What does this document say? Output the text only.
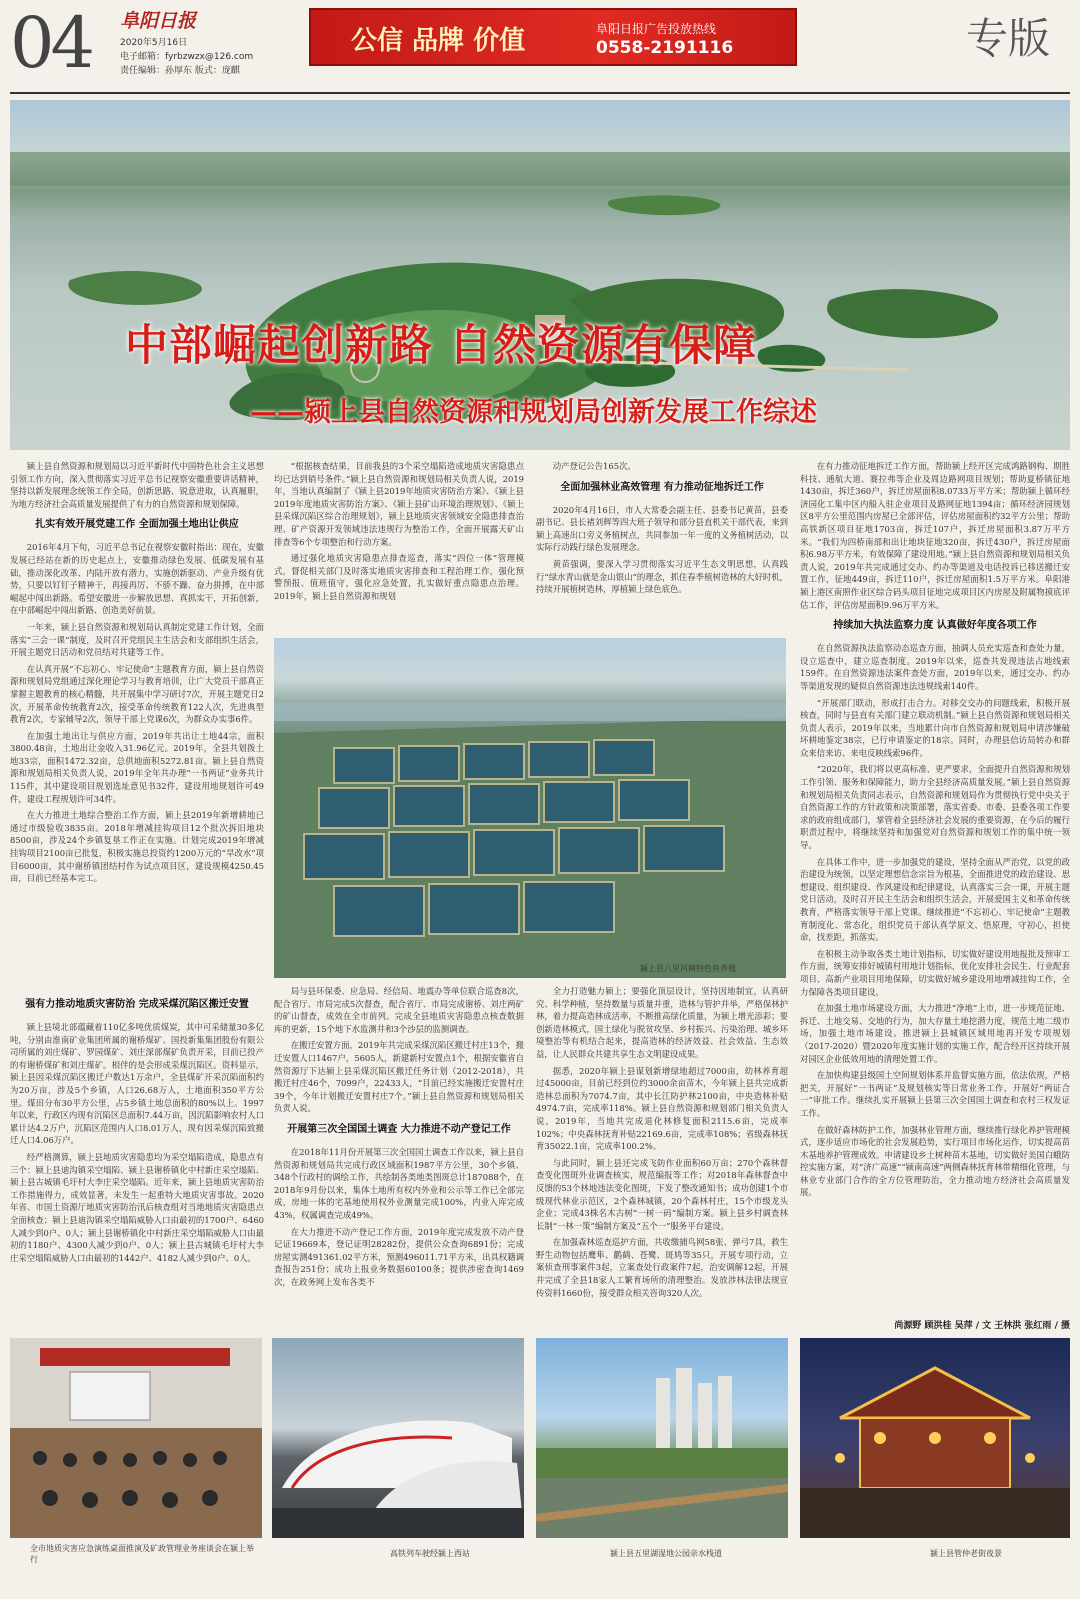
04 阜阳日报
2020年5月16日
电子邮箱：fyrbzwzx@126.com
责任编辑：孙厚东 版式：庞麒
公信 品牌 价值	阜阳日报广告投放热线
0558-2191116	专版
中部崛起创新路 自然资源有保障
——颍上县自然资源和规划局创新发展工作综述

颍上县自然资源和规划局以习近平新时代中国特色社会主义思想引领工作方向，深入贯彻落实习近平总书记视察安徽重要讲话精神，坚持以新发展理念统领工作全局，创新思路、锐意进取，认真履职，为地方经济社会高质量发展提供了有力的自然资源和规划保障。

扎实有效开展党建工作 全面加强土地出让供应

2016年4月下旬，习近平总书记在视察安徽时指出：现在，安徽发展已经站在新的历史起点上，安徽推动绿色发展、低碳发展有基础，推动深化改革、内陆开放有潜力，实施创新驱动、产业升级有优势，只要以钉钉子精神干，再接再厉、不骄不躁、奋力拼搏，在中部崛起中闯出新路。希望安徽进一步解放思想、真抓实干，开拓创新，在中部崛起中闯出新路、创造美好前景。

一年来，颍上县自然资源和规划局认真制定党建工作计划，全面落实“三会一课”制度，及时召开党组民主生活会和支部组织生活会，开展主题党日活动和党员结对共建等工作。

在认真开展“不忘初心、牢记使命”主题教育方面，颍上县自然资源和规划局党组通过深化理论学习与教育培训，让广大党员干部真正掌握主题教育的核心精髓，共开展集中学习研讨7次，开展主题党日2次，开展革命传统教育2次，接受革命传统教育122人次，先进典型教育2次，专家辅导2次，领导干部上党课6次，为群众办实事6件。

在加强土地出让与供应方面，2019年共出让土地44宗，面积3800.48亩，土地出让金收入31.96亿元。2019年，全县共划拨土地33宗，面积1472.32亩，总供地面积5272.81亩。颍上县自然资源和规划局相关负责人说，2019年全年共办理“一书两证”业务共计115件，其中建设项目规划选址意见书32件，建设用地规划许可49件，建设工程规划许可34件。

在大力推进土地综合整治工作方面，颍上县2019年新增耕地已通过市级验收3835亩。2018年增减挂钩项目12个批次拆旧地块8500亩，涉及24个乡镇复垦工作正在实施。计划完成2019年增减挂钩项目2100亩已批复，积极实施总投资约1200万元的“旱改水”项目6000亩，其中谢桥镇团结村作为试点项目区，建设规模4250.45亩，目前已经基本完工。

强有力推动地质灾害防治 完成采煤沉陷区搬迁安置

颍上县境北部蕴藏着110亿多吨优质煤炭，其中可采储量30多亿吨，分别由淮南矿业集团所属的谢桥煤矿、国投新集集团股份有限公司所属的刘庄煤矿、罗园煤矿、刘庄深部煤矿负责开采，目前已投产的有谢桥煤矿和刘庄煤矿。相伴的是会形成采煤沉陷区。资料显示，颍上县因采煤沉陷区搬迁户数达1万余户，全县煤矿开采沉陷面积约为20万亩，涉及5个乡镇，人口26.68万人，土地面积350平方公里。煤田分布30平方公里，占5乡镇土地总面积的80%以上。1997年以来，行政区内现有沉陷区总面积7.44万亩，因沉陷影响农村人口累计达4.2万户，沉陷区范围内人口8.01万人，现有因采煤沉陷致搬迁人口4.06万户。

经严格测算，颍上县地质灾害隐患均为采空塌陷造成，隐患点有三个：颍上县迪沟镇采空塌陷、颍上县谢桥镇化中村新庄采空塌陷、颍上县古城镇毛圩村大李庄采空塌陷。近年来，颍上县地质灾害防治工作措施得力，成效显著，未发生一起重特大地质灾害事故。2020年省、市国土资源厅地质灾害防治汛后核查组对当地地质灾害隐患点全面核查；颍上县迪沟镇采空塌陷威胁人口由最初的1700户、6460人减少到0户、0人；颍上县谢桥镇化中村新庄采空塌陷威胁人口由最初的1180户、4300人减少到0户、0人；颍上县古城镇毛圩村大李庄采空塌陷威胁人口由最初的1442户、4182人减少到0户、0人。

“根据核查结果，目前我县的3个采空塌陷造成地质灾害隐患点均已达到销号条件。”颍上县自然资源和规划局相关负责人说，2019年，当地认真编制了《颍上县2019年地质灾害防治方案》、《颍上县2019年度地质灾害防治方案》、《颍上县矿山环境治理规划》、《颍上县采煤沉陷区综合治理规划》，颍上县地质灾害领域安全隐患排查治理、矿产资源开发领域违法违规行为整治工作，全面开展露天矿山排查等6个专项整治和行动方案。

通过强化地质灾害隐患点排查巡查，落实“四位一体”管理模式，督促相关部门及时落实地质灾害排查和工程治理工作，强化预警预报、值班值守，强化应急处置，扎实做好重点隐患点治理。2019年，颍上县自然资源和规划

动产登记公告165次。

全面加强林业高效管理 有力推动征地拆迁工作

2020年4月16日，市人大常委会副主任、县委书记黄苗，县委副书记、县长褚刘辉等四大班子领导和部分县直机关干部代表，来到颍上高速出口旁义务植树点，共同参加一年一度的义务植树活动，以实际行动践行绿色发展理念。

黄苗强调，要深入学习贯彻落实习近平生态文明思想，认真践行“绿水青山就是金山银山”的理念，抓住春季植树造林的大好时机，持续开展植树造林，厚植颍上绿色底色。

颍上县八里河镇特色鱼养殖

局与县环保委、应急局、经信局、地震办等单位联合巡查8次，配合省厅、市局完成5次督查，配合省厅、市局完成谢桥、刘庄两矿的矿山督查，成效在全市前列。完成全县地质灾害隐患点核查数据库的更新，15个地下水监测井和3个沙层的监测调查。

在搬迁安置方面，2019年共完成采煤沉陷区搬迁村庄13个，搬迁安置人口1467户，5605人，新建新村安置点1个，根据安徽省自然资源厅下达颍上县采煤沉陷区搬迁任务计划（2012-2018），共搬迁村庄46个，7099户，22433人，“目前已经实施搬迁安置村庄39个，今年计划搬迁安置村庄7个。”颍上县自然资源和规划局相关负责人说。

开展第三次全国国土调查 大力推进不动产登记工作

在2018年11月份开展第三次全国国土调查工作以来，颍上县自然资源和规划局共完成行政区域面积1987平方公里，30个乡镇、348个行政村的调绘工作，共绘制各类地类图斑总计187088个，在2018年9月份以来，集体土地所有权内外业和公示等工作已全部完成，房地一体的宅基地使用权外业测量完成100%，内业入库完成43%，权属调查完成49%。

在大力推进不动产登记工作方面，2019年度完成发放不动产登记证19669本，登记证明28282份，提供公众查询6891份；完成房屋实测491361.02平方米，预测496011.71平方米，出具权籍调查报告251份；成功上报业务数据60100条；提供涉密查询1469次，在政务网上发布各类不

全力打造魅力颍上；要强化顶层设计，坚持因地制宜，认真研究、科学种植，坚持数量与质量并重，造林与管护并举，严格保林护林，着力提高造林成活率，不断推高绿化质量，为颍上增光添彩；要创新造林模式，国土绿化与脱贫攻坚、乡村振兴、污染治理、城乡环境整治等有机结合起来，提高造林的经济效益、社会效益、生态效益，让人民群众共建共享生态文明建设成果。

据悉，2020年颍上县谋划新增绿地超过7000亩，幼林养育超过45000亩，目前已经到位约3000余亩苗木，今年颍上县共完成新造林总面积为7074.7亩，其中长江防护林2100亩，中央造林补贴4974.7亩，完成率118%。颍上县自然资源和规划部门相关负责人说，2019年，当地共完成退化林修复面积2115.6亩，完成率102%；中央森林抚育补贴22169.6亩，完成率108%；省级森林抚育35022.1亩，完成率100.2%。

与此同时，颍上县还完成飞防作业面积60万亩；270个森林督查变化图斑外业调查核实，规范编报等工作；对2018年森林督查中反馈的53个林地违法变化图斑，下发了整改通知书；成功创建1个市级现代林业示范区，2个森林城镇，20个森林村庄，15个市级龙头企业；完成43株名木古树“一树一码”编制方案。颍上县乡村调查林长制“一林一策”编制方案及“五个一”服务平台建设。

在加强森林巡查巡护方面，共收缴捕鸟网58张、弹弓7具，救生野生动物包括鹰隼、鹳鹤、苍鹭、斑鸠等35只，开展专项行动，立案侦查刑事案件3起，立案查处行政案件7起，治安调解12起，开展并完成了全县18家人工繁育场所的清理整治。发放涉林法律法规宣传资料1660份，接受群众相关咨询320人次。

在有力推动征地拆迁工作方面，帮助颍上经开区完成鸿路钢构、期胜科技、通航大道、赛拉弗等企业及周边路网项目规划；帮助夏桥镇征地1430亩，拆迁360户，拆迁房屋面积8.0733万平方米；帮助颍上循环经济园化工集中区内船入驻企业项目及路网征地1394亩；循环经济园规划区8平方公里范围内房屋已全部评估，评估房屋面积约32平方公里；帮助高铁新区项目征地1703亩，拆迁107户，拆迁房屋面积3.87万平方米。“我们为四桥南部和出让地块征地320亩，拆迁430户，拆迁房屋面积6.98万平方米，有效保障了建设用地。”颍上县自然资源和规划局相关负责人说，2019年共完成通过交办、约办等渠道及电话投诉已移送搬迁安置工作，征地449亩，拆迁110户，拆迁房屋面积1.5万平方米。阜阳港颍上港区南照作业区综合码头项目征地完成项目区内房屋及附属物摸底评估工作，评估房屋面积9.96万平方米。

持续加大执法监察力度 认真做好年度各项工作

在自然资源执法监察动态巡查方面，抽调人员充实巡查和查处力量，设立巡查中，建立巡查制度。2019年以来，巡查共发现违法占地线索159件。在自然资源违法案件查处方面，2019年以来，通过交办、约办等渠道发现的疑似自然资源违法违规线索140件。

“开展部门联动，形成打击合力。对移交交办的问题线索，积极开展核查，同时与县直有关部门建立联动机制。”颍上县自然资源和规划局相关负责人表示，2019年以来，当地累计向市自然资源和规划局申请涉嫌破坏耕地鉴定38宗，已行申请鉴定的18宗。同时，办理县信访局转办和群众来信来访、来电反映线索96件。

“2020年，我们将以更高标准、更严要求，全面提升自然资源和规划工作引领、服务和保障能力，助力全县经济高质量发展。”颍上县自然资源和规划局相关负责同志表示，自然资源和规划局作为贯彻执行党中央关于自然资源工作的方针政策和决策部署，落实省委、市委、县委各项工作要求的政府组成部门，掌管着全县经济社会发展的重要资源，在今后的履行职责过程中，将继续坚持和加强党对自然资源和规划工作的集中统一领导。

在具体工作中，进一步加强党的建设，坚持全面从严治党，以党的政治建设为统领，以坚定理想信念宗旨为根基，全面推进党的政治建设、思想建设、组织建设、作风建设和纪律建设，认真落实三会一课，开展主题党日活动，及时召开民主生活会和组织生活会，开展爱国主义和革命传统教育，严格落实领导干部上党课。继续推进“不忘初心、牢记使命”主题教育制度化、常态化，组织党员干部认真学原文、悟原理，守初心，担使命，找差距，抓落实。

在积极主动争取各类土地计划指标，切实做好建设用地报批及预审工作方面，统筹安排好城镇村用地计划指标，优化安排社会民生、行业配套项目、高新产业项目用地保障，切实做好城乡建设用地增减挂钩工作，全力保障各类项目建设。

在加强土地市场建设方面，大力推进“净地”上市，进一步规范征地、拆迁、土地交易、交地的行为，加大存量土地挖潜力度，规范土地二级市场，加强土地市场建设。推进颍上县城镇区域用地再开发专项规划（2017-2020）暨2020年度实施计划的实施工作，配合经开区持续开展对园区企业低效用地的清理处置工作。

在加快构建县级国土空间规划体系并监督实施方面，依法依规，严格把关，开展好“一书两证”及规划核实等日常业务工作，开展好“两证合一”审批工作。继续扎实开展颍上县第三次全国国土调查和农村三权发证工作。

在做好森林防护工作，加强林业管理方面，继续推行绿化养护管理模式，逐步适应市场化的社会发展趋势，实行项目市场化运作，切实提高苗木基地养护管理成效。申请建设乡土树种苗木基地，切实做好美国白蛾防控实施方案，对“济广高速”“颍南高速”两侧森林抚育林带精细化管理，与林业专业部门合作的全方位管理防治，全力推动地方经济社会高质量发展。

尚源野 顾洪桂 吴萍 / 文 王林洪 张红雨 / 摄
全市地质灾害应急演练桌面推演及矿政管理业务座谈会在颍上举行
高铁列车驶经颍上西站	颍上县五里湖湿地公园亲水栈道	颍上县管仲老街夜景
